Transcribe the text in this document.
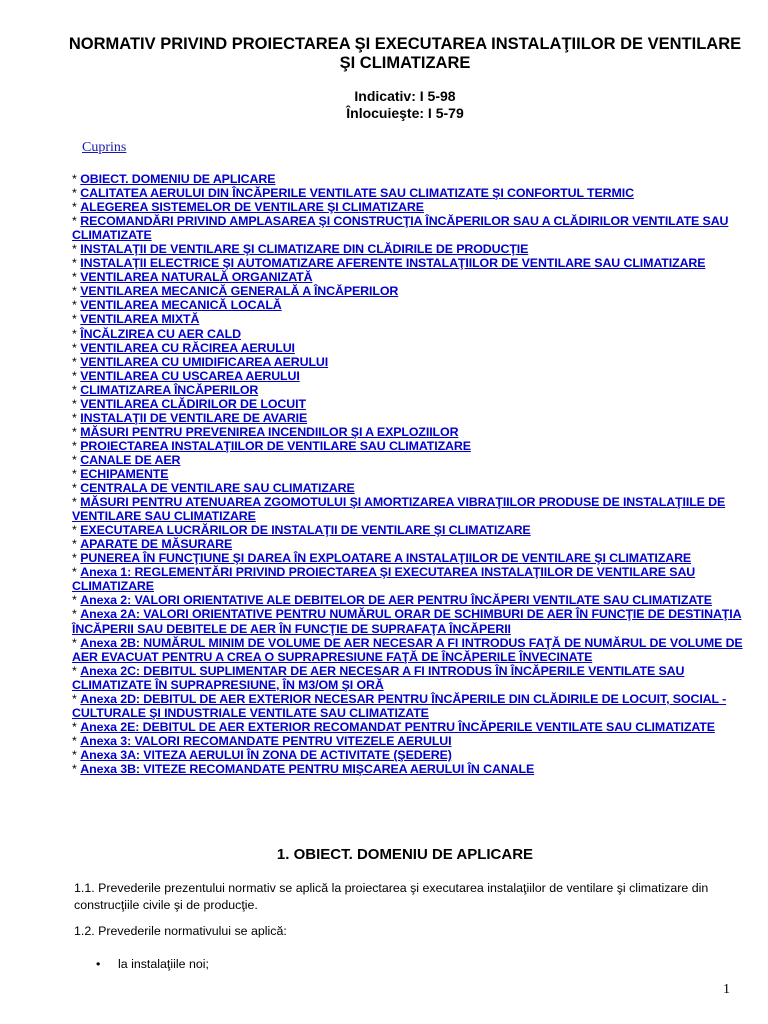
NORMATIV PRIVIND PROIECTAREA ŞI EXECUTAREA INSTALAŢIILOR DE VENTILARE ŞI CLIMATIZARE
Indicativ: I 5-98
Înlocuieşte: I 5-79
Cuprins
* OBIECT. DOMENIU DE APLICARE
* CALITATEA AERULUI DIN ÎNCĂPERILE VENTILATE SAU CLIMATIZATE ŞI CONFORTUL TERMIC
* ALEGEREA SISTEMELOR DE VENTILARE ŞI CLIMATIZARE
* RECOMANDĂRI PRIVIND AMPLASAREA ŞI CONSTRUCŢIA ÎNCĂPERILOR SAU A CLĂDIRILOR VENTILATE SAU CLIMATIZATE
* INSTALAŢII DE VENTILARE ŞI CLIMATIZARE DIN CLĂDIRILE DE PRODUCŢIE
* INSTALAŢII ELECTRICE ŞI AUTOMATIZARE AFERENTE INSTALAŢIILOR DE VENTILARE SAU CLIMATIZARE
* VENTILAREA NATURALĂ ORGANIZATĂ
* VENTILAREA MECANICĂ GENERALĂ A ÎNCĂPERILOR
* VENTILAREA MECANICĂ LOCALĂ
* VENTILAREA MIXTĂ
* ÎNCĂLZIREA CU AER CALD
* VENTILAREA CU RĂCIREA AERULUI
* VENTILAREA CU UMIDIFICAREA AERULUI
* VENTILAREA CU USCAREA AERULUI
* CLIMATIZAREA ÎNCĂPERILOR
* VENTILAREA CLĂDIRILOR DE LOCUIT
* INSTALAŢII DE VENTILARE DE AVARIE
* MĂSURI PENTRU PREVENIREA INCENDIILOR ŞI A EXPLOZIILOR
* PROIECTAREA INSTALAŢIILOR DE VENTILARE SAU CLIMATIZARE
* CANALE DE AER
* ECHIPAMENTE
* CENTRALA DE VENTILARE SAU CLIMATIZARE
* MĂSURI PENTRU ATENUAREA ZGOMOTULUI ŞI AMORTIZAREA VIBRAŢIILOR PRODUSE DE INSTALAŢIILE DE VENTILARE SAU CLIMATIZARE
* EXECUTAREA LUCRĂRILOR DE INSTALAŢII DE VENTILARE ŞI CLIMATIZARE
* APARATE DE MĂSURARE
* PUNEREA ÎN FUNCŢIUNE ŞI DAREA ÎN EXPLOATARE A INSTALAŢIILOR DE VENTILARE ŞI CLIMATIZARE
* Anexa 1: REGLEMENTĂRI PRIVIND PROIECTAREA ŞI EXECUTAREA INSTALAŢIILOR DE VENTILARE SAU CLIMATIZARE
* Anexa 2: VALORI ORIENTATIVE ALE DEBITELOR DE AER PENTRU ÎNCĂPERI VENTILATE SAU CLIMATIZATE
* Anexa 2A: VALORI ORIENTATIVE PENTRU NUMĂRUL ORAR DE SCHIMBURI DE AER ÎN FUNCŢIE DE DESTINAŢIA ÎNCĂPERII SAU DEBITELE DE AER ÎN FUNCŢIE DE SUPRAFAŢA ÎNCĂPERII
* Anexa 2B: NUMĂRUL MINIM DE VOLUME DE AER NECESAR A FI INTRODUS FAŢĂ DE NUMĂRUL DE VOLUME DE AER EVACUAT PENTRU A CREA O SUPRAPRESIUNE FAŢĂ DE ÎNCĂPERILE ÎNVECINATE
* Anexa 2C: DEBITUL SUPLIMENTAR DE AER NECESAR A FI INTRODUS ÎN ÎNCĂPERILE VENTILATE SAU CLIMATIZATE ÎN SUPRAPRESIUNE, ÎN M3/OM ŞI ORĂ
* Anexa 2D: DEBITUL DE AER EXTERIOR NECESAR PENTRU ÎNCĂPERILE DIN CLĂDIRILE DE LOCUIT, SOCIAL - CULTURALE ŞI INDUSTRIALE VENTILATE SAU CLIMATIZATE
* Anexa 2E: DEBITUL DE AER EXTERIOR RECOMANDAT PENTRU ÎNCĂPERILE VENTILATE SAU CLIMATIZATE
* Anexa 3: VALORI RECOMANDATE PENTRU VITEZELE AERULUI
* Anexa 3A: VITEZA AERULUI ÎN ZONA DE ACTIVITATE (ŞEDERE)
* Anexa 3B: VITEZE RECOMANDATE PENTRU MIŞCAREA AERULUI ÎN CANALE
1. OBIECT. DOMENIU DE APLICARE
1.1. Prevederile prezentului normativ se aplică la proiectarea şi executarea instalaţiilor de ventilare şi climatizare din construcţiile civile şi de producţie.
1.2. Prevederile normativului se aplică:
• la instalaţiile noi;
1
